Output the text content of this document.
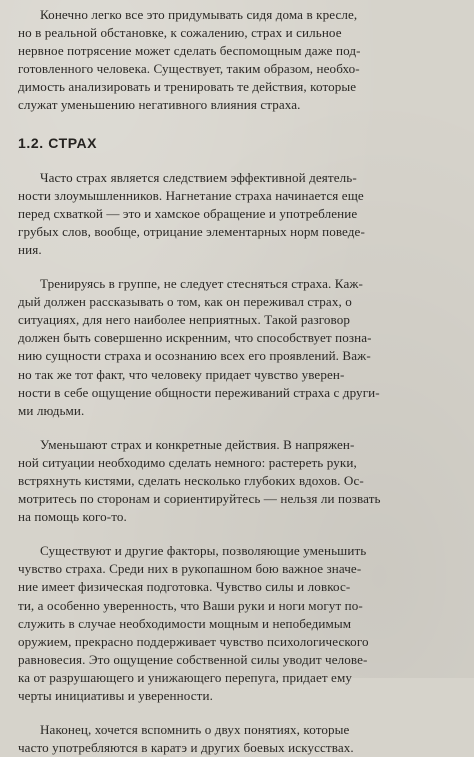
Конечно легко все это придумывать сидя дома в кресле,
но в реальной обстановке, к сожалению, страх и сильное
нервное потрясение может сделать беспомощным даже под-
готовленного человека. Существует, таким образом, необхо-
димость анализировать и тренировать те действия, которые
служат уменьшению негативного влияния страха.

1.2. СТРАХ

Часто страх является следствием эффективной деятель-
ности злоумышленников. Нагнетание страха начинается еще
перед схваткой — это и хамское обращение и употребление
грубых слов, вообще, отрицание элементарных норм поведе-
ния.

Тренируясь в группе, не следует стесняться страха. Каж-
дый должен рассказывать о том, как он переживал страх, о
ситуациях, для него наиболее неприятных. Такой разговор
должен быть совершенно искренним, что способствует позна-
нию сущности страха и осознанию всех его проявлений. Важ-
но так же тот факт, что человеку придает чувство уверен-
ности в себе ощущение общности переживаний страха с други-
ми людьми.

Уменьшают страх и конкретные действия. В напряжен-
ной ситуации необходимо сделать немного: растереть руки,
встряхнуть кистями, сделать несколько глубоких вдохов. Ос-
мотритесь по сторонам и сориентируйтесь — нельзя ли позвать
на помощь кого-то.

Существуют и другие факторы, позволяющие уменьшить
чувство страха. Среди них в рукопашном бою важное значе-
ние имеет физическая подготовка. Чувство силы и ловкос-
ти, а особенно уверенность, что Ваши руки и ноги могут по-
служить в случае необходимости мощным и непобедимым
оружием, прекрасно поддерживает чувство психологического
равновесия. Это ощущение собственной силы уводит челове-
ка от разрушающего и унижающего перепуга, придает ему
черты инициативы и уверенности.

Наконец, хочется вспомнить о двух понятиях, которые
часто употребляются в каратэ и других боевых искусствах.
